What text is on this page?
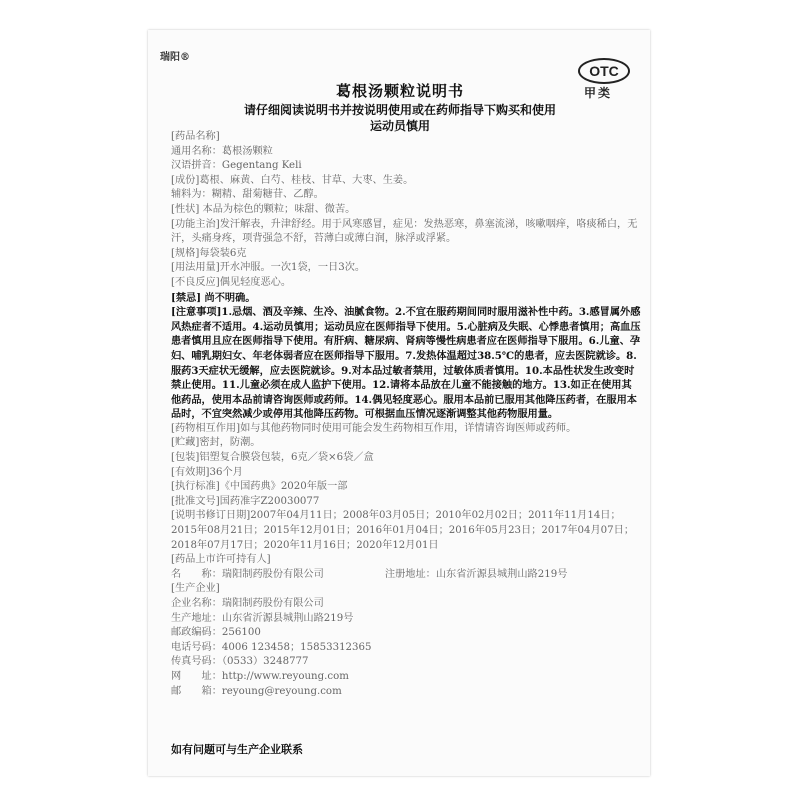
瑞阳®
OTC
甲类
葛根汤颗粒说明书
请仔细阅读说明书并按说明使用或在药师指导下购买和使用
运动员慎用

[药品名称]

通用名称：葛根汤颗粒

汉语拼音：Gegentang Keli

[成份]葛根、麻黄、白芍、桂枝、甘草、大枣、生姜。

辅料为：糊精、甜菊糖苷、乙醇。

[性状] 本品为棕色的颗粒；味甜、微苦。

[功能主治]发汗解表，升津舒经。用于风寒感冒，症见：发热恶寒，鼻塞流涕，咳嗽咽痒，咯痰稀白，无汗，头痛身疼，项背强急不舒，苔薄白或薄白润，脉浮或浮紧。

[规格]每袋装6克

[用法用量]开水冲服。一次1袋，一日3次。

[不良反应]偶见轻度恶心。

[禁忌] 尚不明确。

[注意事项]1.忌烟、酒及辛辣、生冷、油腻食物。2.不宜在服药期间同时服用滋补性中药。3.感冒属外感风热症者不适用。4.运动员慎用；运动员应在医师指导下使用。5.心脏病及失眠、心悸患者慎用；高血压患者慎用且应在医师指导下使用。有肝病、糖尿病、肾病等慢性病患者应在医师指导下服用。6.儿童、孕妇、哺乳期妇女、年老体弱者应在医师指导下服用。7.发热体温超过38.5℃的患者，应去医院就诊。8.服药3天症状无缓解，应去医院就诊。9.对本品过敏者禁用，过敏体质者慎用。10.本品性状发生改变时禁止使用。11.儿童必须在成人监护下使用。12.请将本品放在儿童不能接触的地方。13.如正在使用其他药品，使用本品前请咨询医师或药师。14.偶见轻度恶心。服用本品前已服用其他降压药者，在服用本品时，不宜突然减少或停用其他降压药物。可根据血压情况逐渐调整其他药物服用量。

[药物相互作用]如与其他药物同时使用可能会发生药物相互作用，详情请咨询医师或药师。

[贮藏]密封，防潮。

[包装]铝塑复合膜袋包装，6克／袋×6袋／盒

[有效期]36个月

[执行标准]《中国药典》2020年版一部

[批准文号]国药准字Z20030077

[说明书修订日期]2007年04月11日；2008年03月05日；2010年02月02日；2011年11月14日；2015年08月21日；2015年12月01日；2016年01月04日；2016年05月23日；2017年04月07日；2018年07月17日；2020年11月16日；2020年12月01日

[药品上市许可持有人]

名　　称：瑞阳制药股份有限公司　　　　　　注册地址：山东省沂源县城荆山路219号

[生产企业]

企业名称：瑞阳制药股份有限公司

生产地址：山东省沂源县城荆山路219号

邮政编码：256100

电话号码：4006 123458；15853312365

传真号码：（0533）3248777

网　　址：http://www.reyoung.com

邮　　箱：reyoung@reyoung.com

如有问题可与生产企业联系
